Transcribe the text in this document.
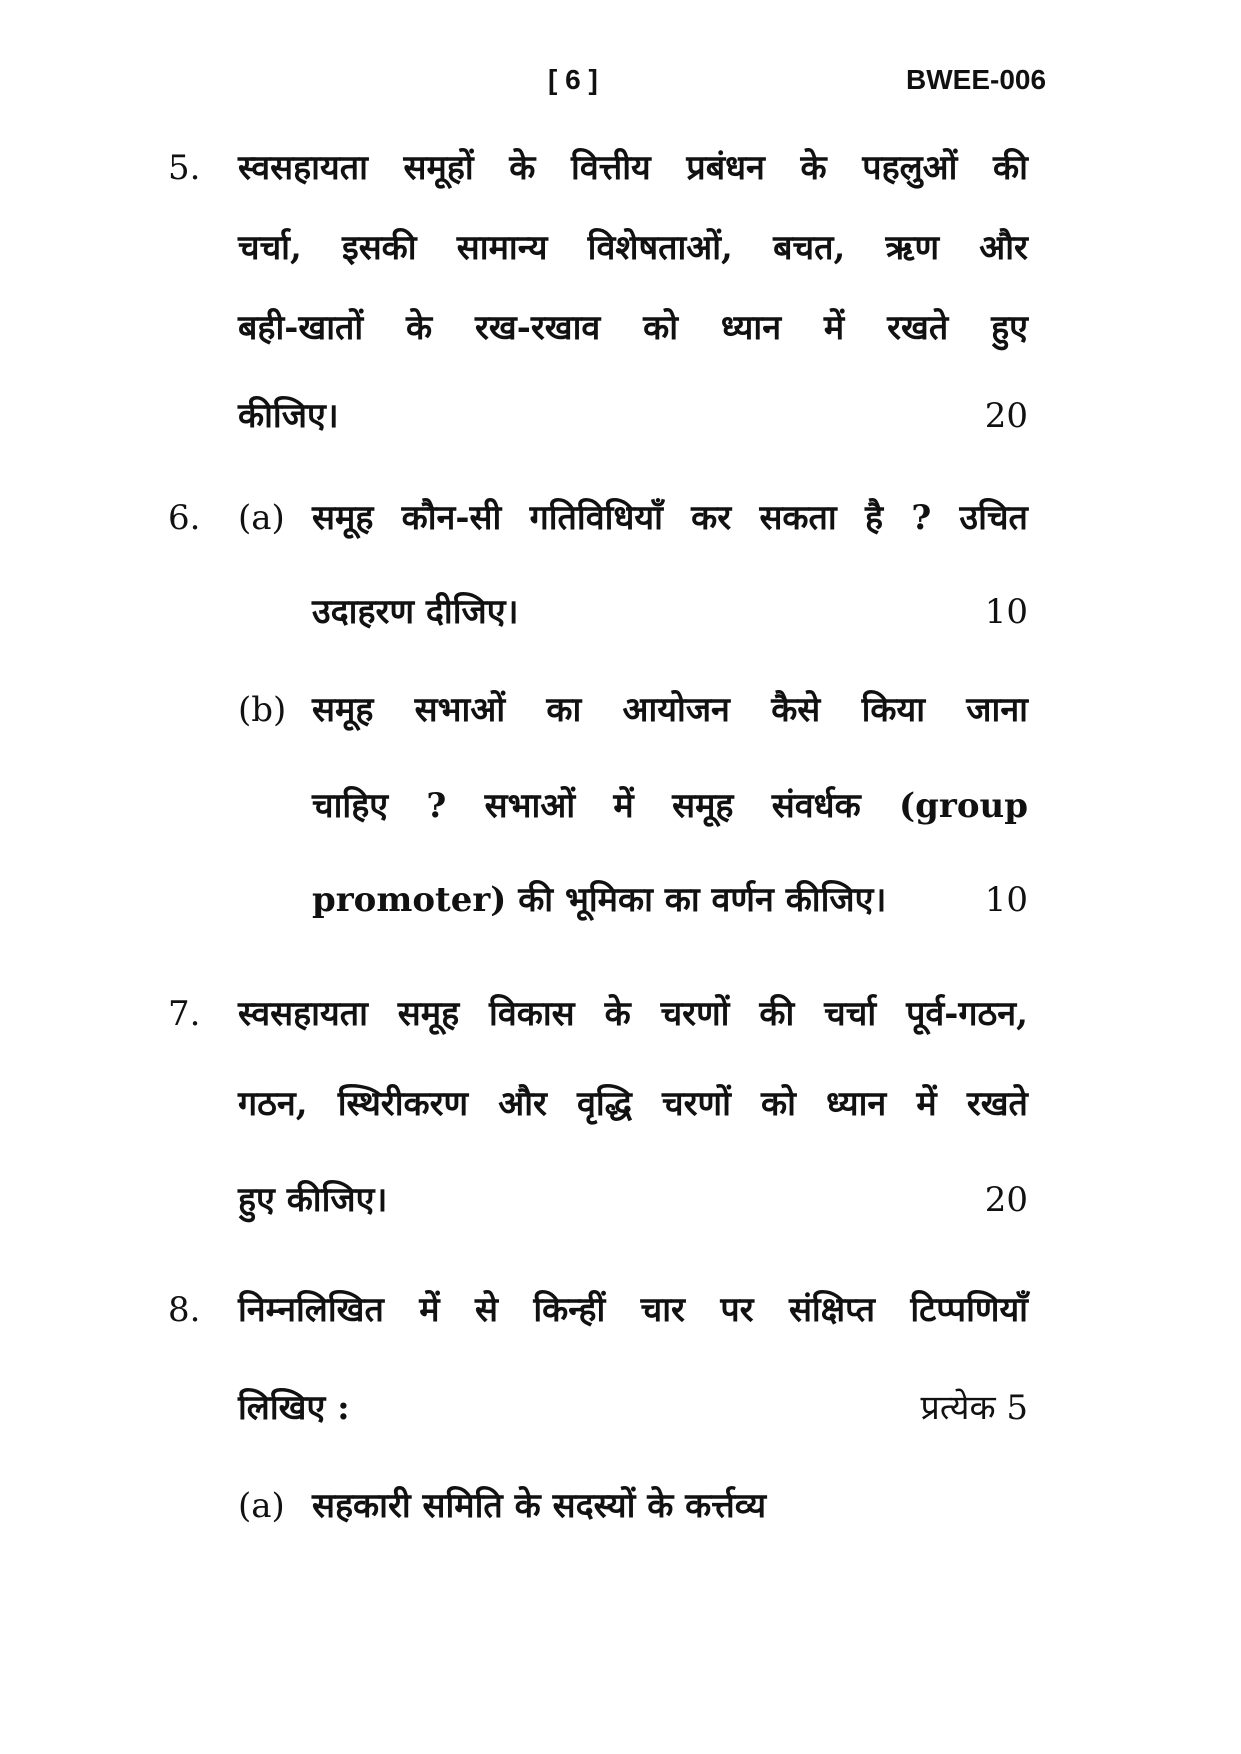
[ 6 ]	BWEE-006
5. स्वसहायता समूहों के वित्तीय प्रबंधन के पहलुओं की
चर्चा, इसकी सामान्य विशेषताओं, बचत, ऋण और
बही-खातों के रख-रखाव को ध्यान में रखते हुए
कीजिए।	20
6. (a) समूह कौन-सी गतिविधियाँ कर सकता है ? उचित
उदाहरण दीजिए।	10
(b) समूह सभाओं का आयोजन कैसे किया जाना
चाहिए ? सभाओं में समूह संवर्धक (group
promoter) की भूमिका का वर्णन कीजिए।	10
7. स्वसहायता समूह विकास के चरणों की चर्चा पूर्व-गठन,
गठन, स्थिरीकरण और वृद्धि चरणों को ध्यान में रखते
हुए कीजिए।	20
8. निम्नलिखित में से किन्हीं चार पर संक्षिप्त टिप्पणियाँ
लिखिए :	प्रत्येक 5
(a) सहकारी समिति के सदस्यों के कर्त्तव्य
